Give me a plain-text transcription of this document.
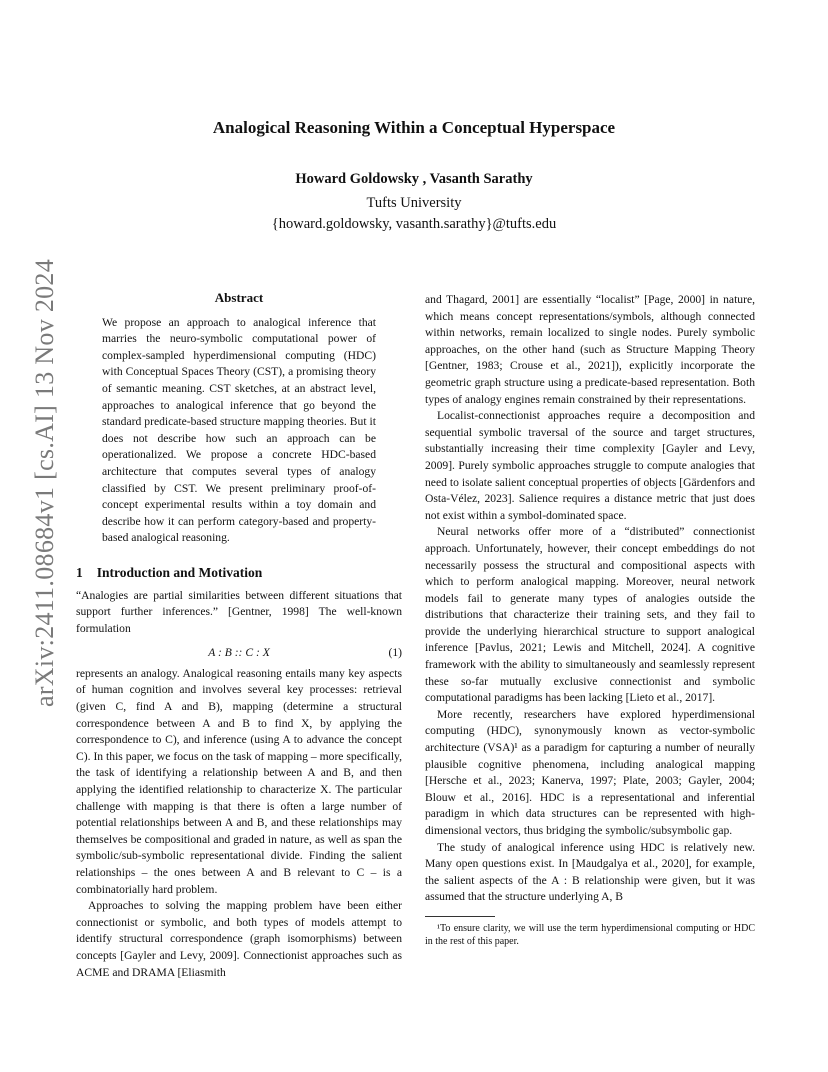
arXiv:2411.08684v1 [cs.AI] 13 Nov 2024
Analogical Reasoning Within a Conceptual Hyperspace
Howard Goldowsky , Vasanth Sarathy
Tufts University
{howard.goldowsky, vasanth.sarathy}@tufts.edu
Abstract

We propose an approach to analogical inference that marries the neuro-symbolic computational power of complex-sampled hyperdimensional computing (HDC) with Conceptual Spaces Theory (CST), a promising theory of semantic meaning. CST sketches, at an abstract level, approaches to analogical inference that go beyond the standard predicate-based structure mapping theories. But it does not describe how such an approach can be operationalized. We propose a concrete HDC-based architecture that computes several types of analogy classified by CST. We present preliminary proof-of-concept experimental results within a toy domain and describe how it can perform category-based and property-based analogical reasoning.

1 Introduction and Motivation

“Analogies are partial similarities between different situations that support further inferences.” [Gentner, 1998] The well-known formulation

A : B :: C : X	(1)

represents an analogy. Analogical reasoning entails many key aspects of human cognition and involves several key processes: retrieval (given C, find A and B), mapping (determine a structural correspondence between A and B to find X, by applying the correspondence to C), and inference (using A to advance the concept C). In this paper, we focus on the task of mapping – more specifically, the task of identifying a relationship between A and B, and then applying the identified relationship to characterize X. The particular challenge with mapping is that there is often a large number of potential relationships between A and B, and these relationships may themselves be compositional and graded in nature, as well as span the symbolic/sub-symbolic representational divide. Finding the salient relationships – the ones between A and B relevant to C – is a combinatorially hard problem.

Approaches to solving the mapping problem have been either connectionist or symbolic, and both types of models attempt to identify structural correspondence (graph isomorphisms) between concepts [Gayler and Levy, 2009]. Connectionist approaches such as ACME and DRAMA [Eliasmith

and Thagard, 2001] are essentially “localist” [Page, 2000] in nature, which means concept representations/symbols, although connected within networks, remain localized to single nodes. Purely symbolic approaches, on the other hand (such as Structure Mapping Theory [Gentner, 1983; Crouse et al., 2021]), explicitly incorporate the geometric graph structure using a predicate-based representation. Both types of analogy engines remain constrained by their representations.

Localist-connectionist approaches require a decomposition and sequential symbolic traversal of the source and target structures, substantially increasing their time complexity [Gayler and Levy, 2009]. Purely symbolic approaches struggle to compute analogies that need to isolate salient conceptual properties of objects [Gärdenfors and Osta-Vélez, 2023]. Salience requires a distance metric that just does not exist within a symbol-dominated space.

Neural networks offer more of a “distributed” connectionist approach. Unfortunately, however, their concept embeddings do not necessarily possess the structural and compositional aspects with which to perform analogical mapping. Moreover, neural network models fail to generate many types of analogies outside the distributions that characterize their training sets, and they fail to provide the underlying hierarchical structure to support analogical inference [Pavlus, 2021; Lewis and Mitchell, 2024]. A cognitive framework with the ability to simultaneously and seamlessly represent these so-far mutually exclusive connectionist and symbolic computational paradigms has been lacking [Lieto et al., 2017].

More recently, researchers have explored hyperdimensional computing (HDC), synonymously known as vector-symbolic architecture (VSA)¹ as a paradigm for capturing a number of neurally plausible cognitive phenomena, including analogical mapping [Hersche et al., 2023; Kanerva, 1997; Plate, 2003; Gayler, 2004; Blouw et al., 2016]. HDC is a representational and inferential paradigm in which data structures can be represented with high-dimensional vectors, thus bridging the symbolic/subsymbolic gap.

The study of analogical inference using HDC is relatively new. Many open questions exist. In [Maudgalya et al., 2020], for example, the salient aspects of the A : B relationship were given, but it was assumed that the structure underlying A, B

¹To ensure clarity, we will use the term hyperdimensional computing or HDC in the rest of this paper.
